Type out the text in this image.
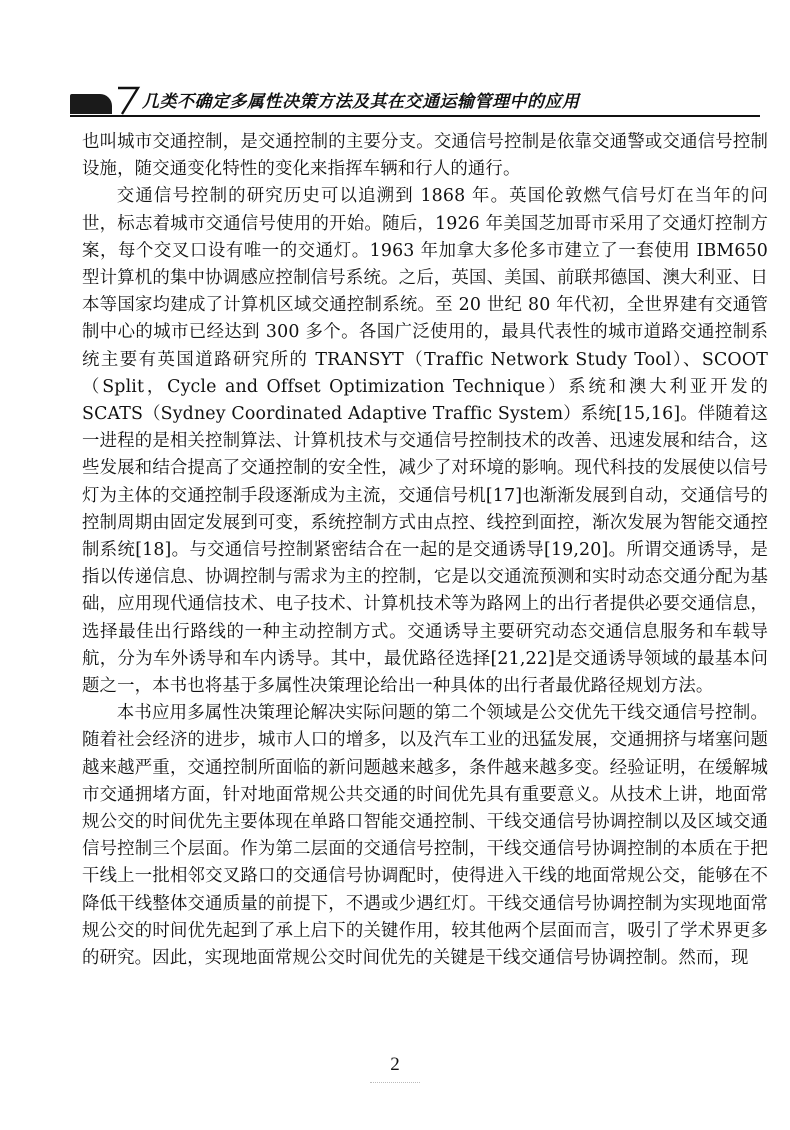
几类不确定多属性决策方法及其在交通运输管理中的应用

也叫城市交通控制，是交通控制的主要分支。交通信号控制是依靠交通警或交通信号控制设施，随交通变化特性的变化来指挥车辆和行人的通行。

交通信号控制的研究历史可以追溯到 1868 年。英国伦敦燃气信号灯在当年的问世，标志着城市交通信号使用的开始。随后，1926 年美国芝加哥市采用了交通灯控制方案，每个交叉口设有唯一的交通灯。1963 年加拿大多伦多市建立了一套使用 IBM650 型计算机的集中协调感应控制信号系统。之后，英国、美国、前联邦德国、澳大利亚、日本等国家均建成了计算机区域交通控制系统。至 20 世纪 80 年代初，全世界建有交通管制中心的城市已经达到 300 多个。各国广泛使用的，最具代表性的城市道路交通控制系统主要有英国道路研究所的 TRANSYT（Traffic Network Study Tool）、SCOOT（Split，Cycle and Offset Optimization Technique）系统和澳大利亚开发的 SCATS（Sydney Coordinated Adaptive Traffic System）系统[15,16]。伴随着这一进程的是相关控制算法、计算机技术与交通信号控制技术的改善、迅速发展和结合，这些发展和结合提高了交通控制的安全性，减少了对环境的影响。现代科技的发展使以信号灯为主体的交通控制手段逐渐成为主流，交通信号机[17]也渐渐发展到自动，交通信号的控制周期由固定发展到可变，系统控制方式由点控、线控到面控，渐次发展为智能交通控制系统[18]。与交通信号控制紧密结合在一起的是交通诱导[19,20]。所谓交通诱导，是指以传递信息、协调控制与需求为主的控制，它是以交通流预测和实时动态交通分配为基础，应用现代通信技术、电子技术、计算机技术等为路网上的出行者提供必要交通信息，选择最佳出行路线的一种主动控制方式。交通诱导主要研究动态交通信息服务和车载导航，分为车外诱导和车内诱导。其中，最优路径选择[21,22]是交通诱导领域的最基本问题之一，本书也将基于多属性决策理论给出一种具体的出行者最优路径规划方法。

本书应用多属性决策理论解决实际问题的第二个领域是公交优先干线交通信号控制。随着社会经济的进步，城市人口的增多，以及汽车工业的迅猛发展，交通拥挤与堵塞问题越来越严重，交通控制所面临的新问题越来越多，条件越来越多变。经验证明，在缓解城市交通拥堵方面，针对地面常规公共交通的时间优先具有重要意义。从技术上讲，地面常规公交的时间优先主要体现在单路口智能交通控制、干线交通信号协调控制以及区域交通信号控制三个层面。作为第二层面的交通信号控制，干线交通信号协调控制的本质在于把干线上一批相邻交叉路口的交通信号协调配时，使得进入干线的地面常规公交，能够在不降低干线整体交通质量的前提下，不遇或少遇红灯。干线交通信号协调控制为实现地面常规公交的时间优先起到了承上启下的关键作用，较其他两个层面而言，吸引了学术界更多的研究。因此，实现地面常规公交时间优先的关键是干线交通信号协调控制。然而，现

2
